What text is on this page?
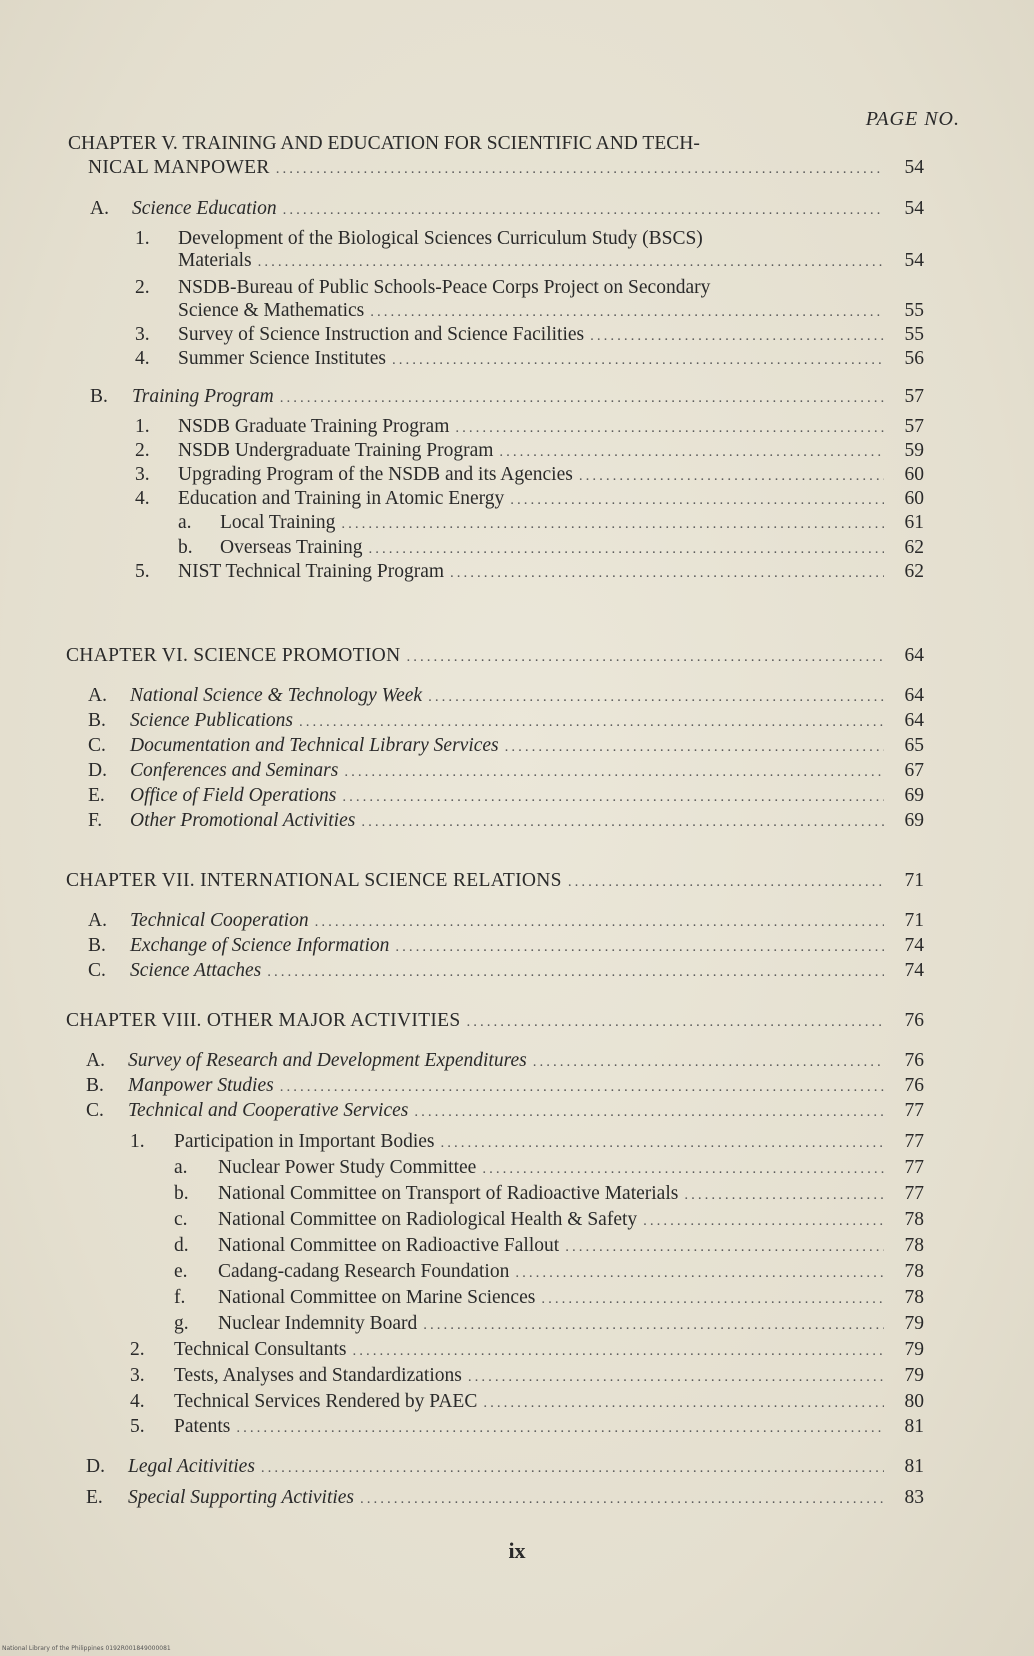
PAGE NO.
CHAPTER V. TRAINING AND EDUCATION FOR SCIENTIFIC AND TECH-
NICAL MANPOWER .....	54
A.	Science Education .....	54
1. Development of the Biological Sciences Curriculum Study (BSCS)
Materials .....	54
2. NSDB-Bureau of Public Schools-Peace Corps Project on Secondary
Science & Mathematics .....	55
3.	Survey of Science Instruction and Science Facilities .....	55
4.	Summer Science Institutes .....	56
B.	Training Program .....	57
1.	NSDB Graduate Training Program .....	57
2.	NSDB Undergraduate Training Program .....	59
3.	Upgrading Program of the NSDB and its Agencies .....	60
4.	Education and Training in Atomic Energy .....	60
a.	Local Training .....	61
b.	Overseas Training .....	62
5.	NIST Technical Training Program .....	62
CHAPTER VI. SCIENCE PROMOTION .....	64
A.	National Science & Technology Week .....	64
B.	Science Publications .....	64
C.	Documentation and Technical Library Services .....	65
D.	Conferences and Seminars .....	67
E.	Office of Field Operations .....	69
F.	Other Promotional Activities .....	69
CHAPTER VII. INTERNATIONAL SCIENCE RELATIONS .....	71
A.	Technical Cooperation .....	71
B.	Exchange of Science Information .....	74
C.	Science Attaches .....	74
CHAPTER VIII. OTHER MAJOR ACTIVITIES .....	76
A.	Survey of Research and Development Expenditures .....	76
B.	Manpower Studies .....	76
C.	Technical and Cooperative Services .....	77
1.	Participation in Important Bodies .....	77
a.	Nuclear Power Study Committee .....	77
b.	National Committee on Transport of Radioactive Materials .....	77
c.	National Committee on Radiological Health & Safety .....	78
d.	National Committee on Radioactive Fallout .....	78
e.	Cadang-cadang Research Foundation .....	78
f.	National Committee on Marine Sciences .....	78
g.	Nuclear Indemnity Board .....	79
2.	Technical Consultants .....	79
3.	Tests, Analyses and Standardizations .....	79
4.	Technical Services Rendered by PAEC .....	80
5.	Patents .....	81
D.	Legal Acitivities .....	81
E.	Special Supporting Activities .....	83
ix
National Library of the Philippines 0192R001849000081
